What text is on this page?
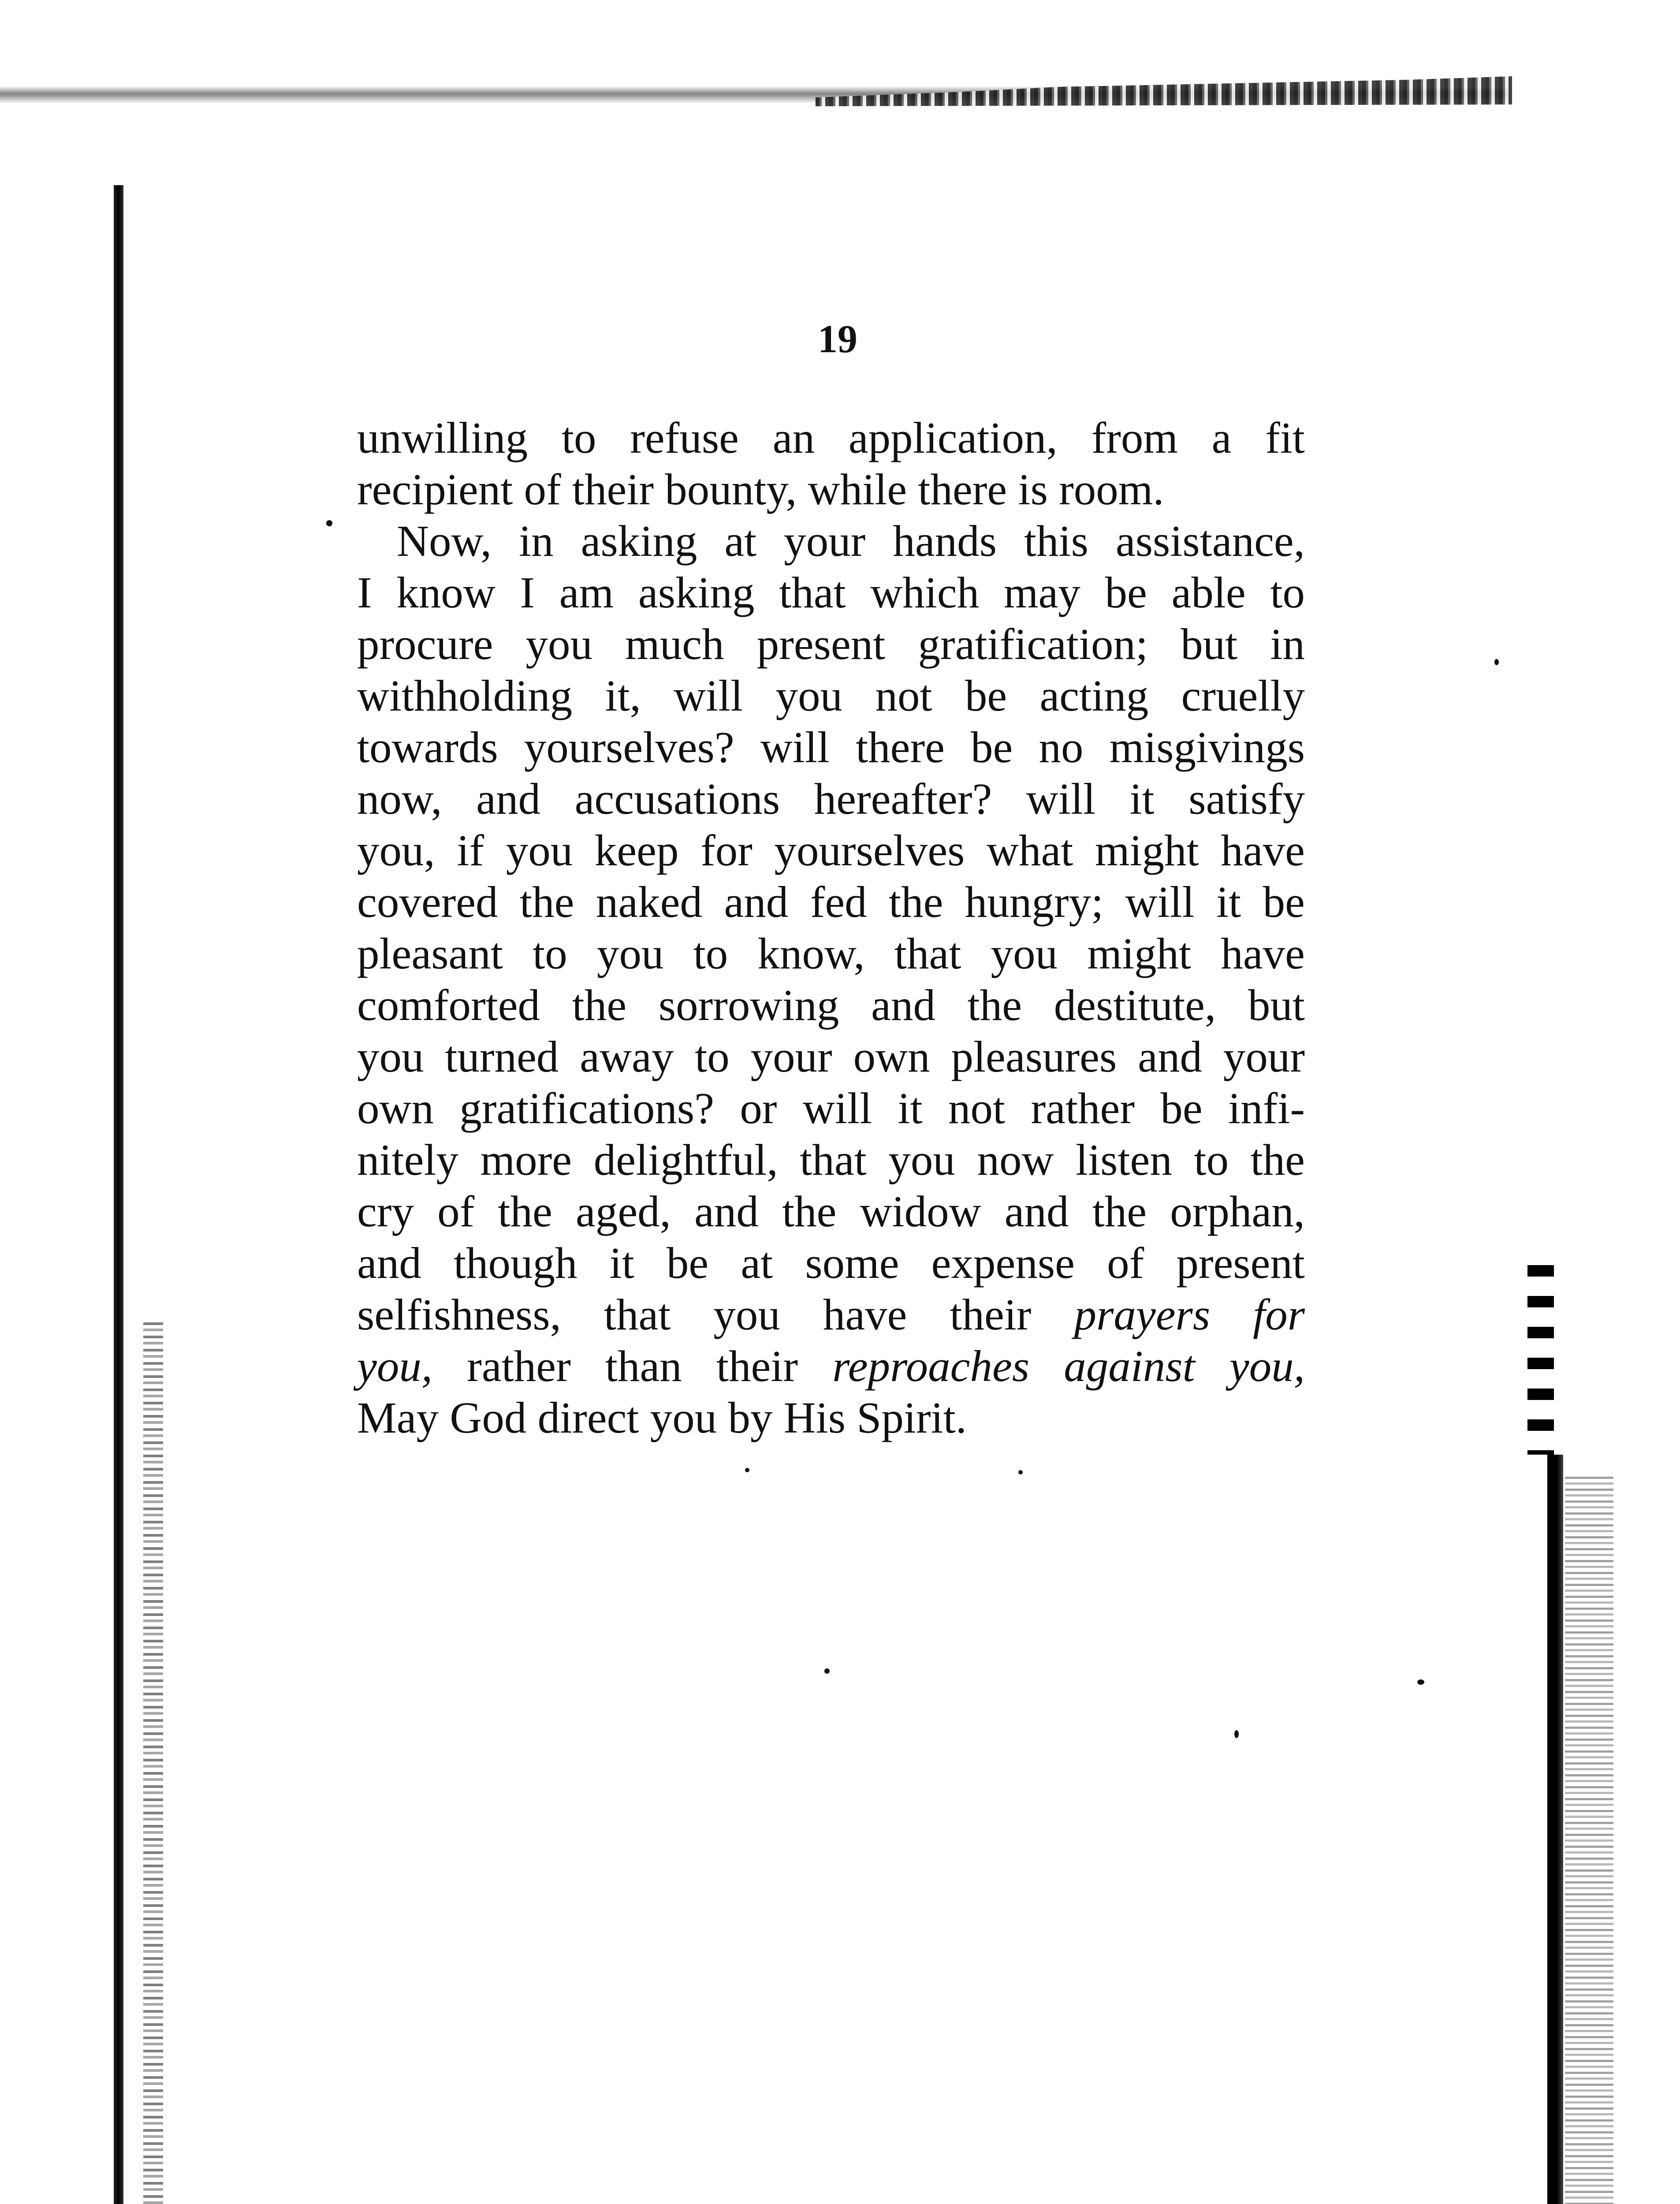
19
unwilling to refuse an application, from a fit
recipient of their bounty, while there is room.
Now, in asking at your hands this assistance,
I know I am asking that which may be able to
procure you much present gratification; but in
withholding it, will you not be acting cruelly
towards yourselves? will there be no misgivings
now, and accusations hereafter? will it satisfy
you, if you keep for yourselves what might have
covered the naked and fed the hungry; will it be
pleasant to you to know, that you might have
comforted the sorrowing and the destitute, but
you turned away to your own pleasures and your
own gratifications? or will it not rather be infi-
nitely more delightful, that you now listen to the
cry of the aged, and the widow and the orphan,
and though it be at some expense of present
selfishness, that you have their prayers for
you, rather than their reproaches against you,
May God direct you by His Spirit.
